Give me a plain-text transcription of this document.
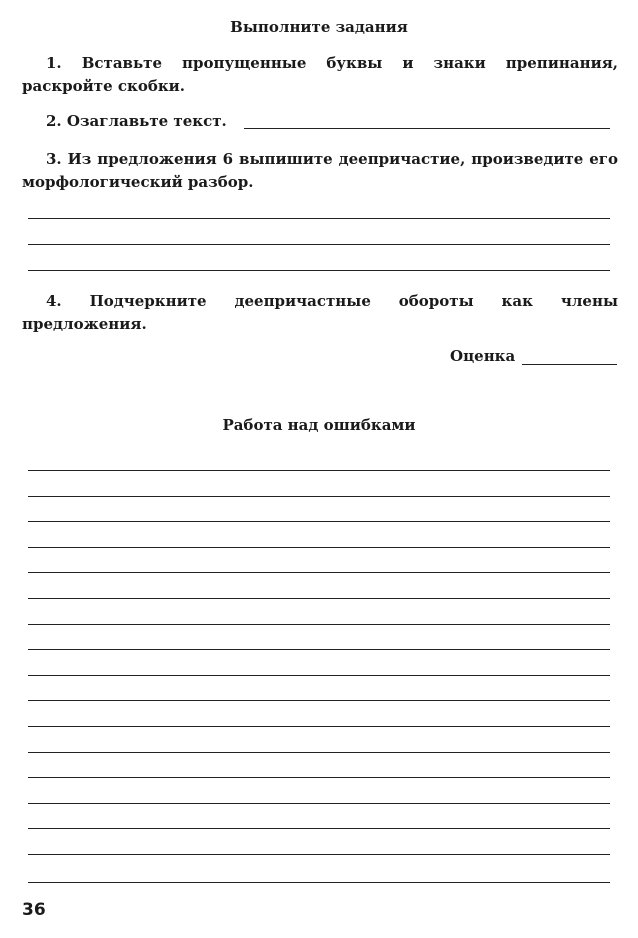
Выполните задания
1. Вставьте пропущенные буквы и знаки препинания, раскройте скобки.
2. Озаглавьте текст.
3. Из предложения 6 выпишите деепричастие, произведите его морфологический разбор.
4. Подчеркните деепричастные обороты как члены предложения.
Оценка
Работа над ошибками
36
